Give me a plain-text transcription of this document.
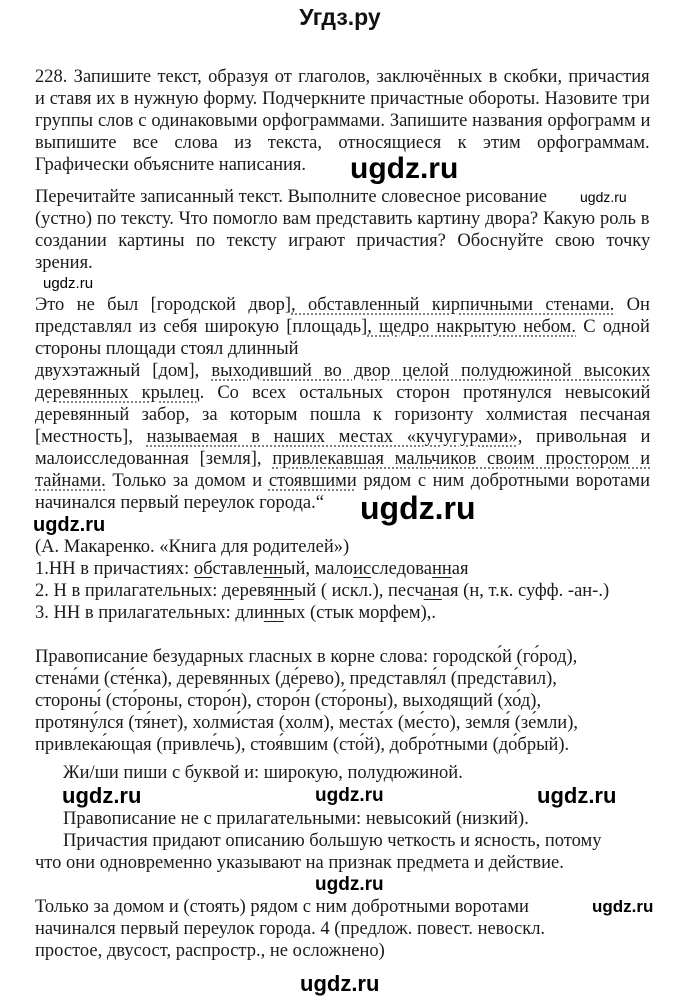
Угдз.ру
228. Запишите текст, образуя от глаголов, заключённых в скобки, причастия
и ставя их в нужную форму. Подчеркните причастные обороты. Назовите три
группы слов с одинаковыми орфограммами. Запишите названия орфограмм и
выпишите все слова из текста, относящиеся к этим орфограммам.
Графически объясните написания.
Перечитайте записанный текст. Выполните словесное рисование
(устно) по тексту. Что помогло вам представить картину двора? Какую роль в
создании картины по тексту играют причастия? Обоснуйте свою точку
зрения.
Это не был [городской двор], обставленный кирпичными стенами. Он
представлял из себя широкую [площадь], щедро накрытую небом. С одной
стороны площади стоял длинный
двухэтажный [дом], выходивший во двор целой полудюжиной высоких
деревянных крылец. Со всех остальных сторон протянулся невысокий
деревянный забор, за которым пошла к горизонту холмистая песчаная
[местность], называемая в наших местах «кучугурами», привольная и
малоисследованная [земля], привлекавшая мальчиков своим простором и
тайнами. Только за домом и стоявшими рядом с ним добротными воротами
начинался первый переулок города.“
(А. Макаренко. «Книга для родителей»)
1.НН в причастиях: обставленный, малоисследованная
2. Н в прилагательных: деревянный ( искл.), песчаная (н, т.к. суфф. -ан-.)
3. НН в прилагательных: длинных (стык морфем),.
Правописание безударных гласных в корне слова: городско́й (го́род),
стена́ми (сте́нка), деревянных (де́рево), представля́л (предста́вил),
стороны́ (сто́роны, сторо́н), сторо́н (сто́роны), выходящий (хо́д),
протяну́лся (тя́нет), холми́стая (холм), места́х (ме́сто), земля́ (зе́мли),
привлека́ющая (привле́чь), стоя́вшим (сто́й), добро́тными (до́брый).
Жи/ши пиши с буквой и: широкую, полудюжиной.
Правописание не с прилагательными: невысокий (низкий).
Причастия придают описанию большую четкость и ясность, потому
что они одновременно указывают на признак предмета и действие.
Только за домом и (стоять) рядом с ним добротными воротами
начинался первый переулок города. 4 (предлож. повест. невоскл.
простое, двусост, распростр., не осложнено)
ugdz.ru
ugdz.ru
ugdz.ru
ugdz.ru
ugdz.ru
ugdz.ru	ugdz.ru	ugdz.ru
ugdz.ru
ugdz.ru
ugdz.ru
